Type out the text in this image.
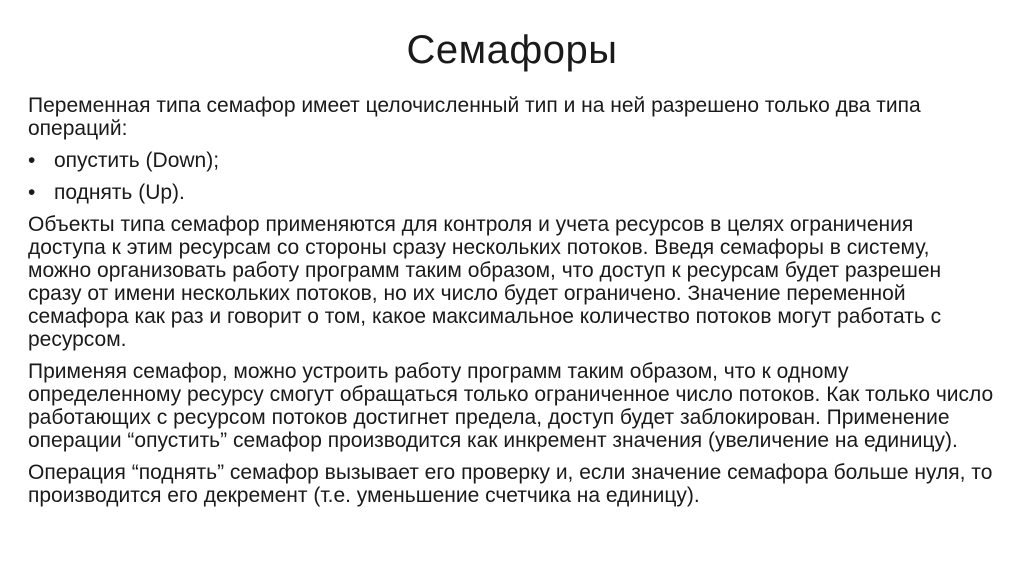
Семафоры

Переменная типа семафор имеет целочисленный тип и на ней разрешено только два типа операций:

• опустить (Down);
• поднять (Up).

Объекты типа семафор применяются для контроля и учета ресурсов в целях ограничения доступа к этим ресурсам со стороны сразу нескольких потоков. Введя семафоры в систему, можно организовать работу программ таким образом, что доступ к ресурсам будет разрешен сразу от имени нескольких потоков, но их число будет ограничено. Значение переменной семафора как раз и говорит о том, какое максимальное количество потоков могут работать с ресурсом.

Применяя семафор, можно устроить работу программ таким образом, что к одному определенному ресурсу смогут обращаться только ограниченное число потоков. Как только число работающих с ресурсом потоков достигнет предела, доступ будет заблокирован. Применение операции “опустить” семафор производится как инкремент значения (увеличение на единицу).

Операция “поднять” семафор вызывает его проверку и, если значение семафора больше нуля, то производится его декремент (т.е. уменьшение счетчика на единицу).
